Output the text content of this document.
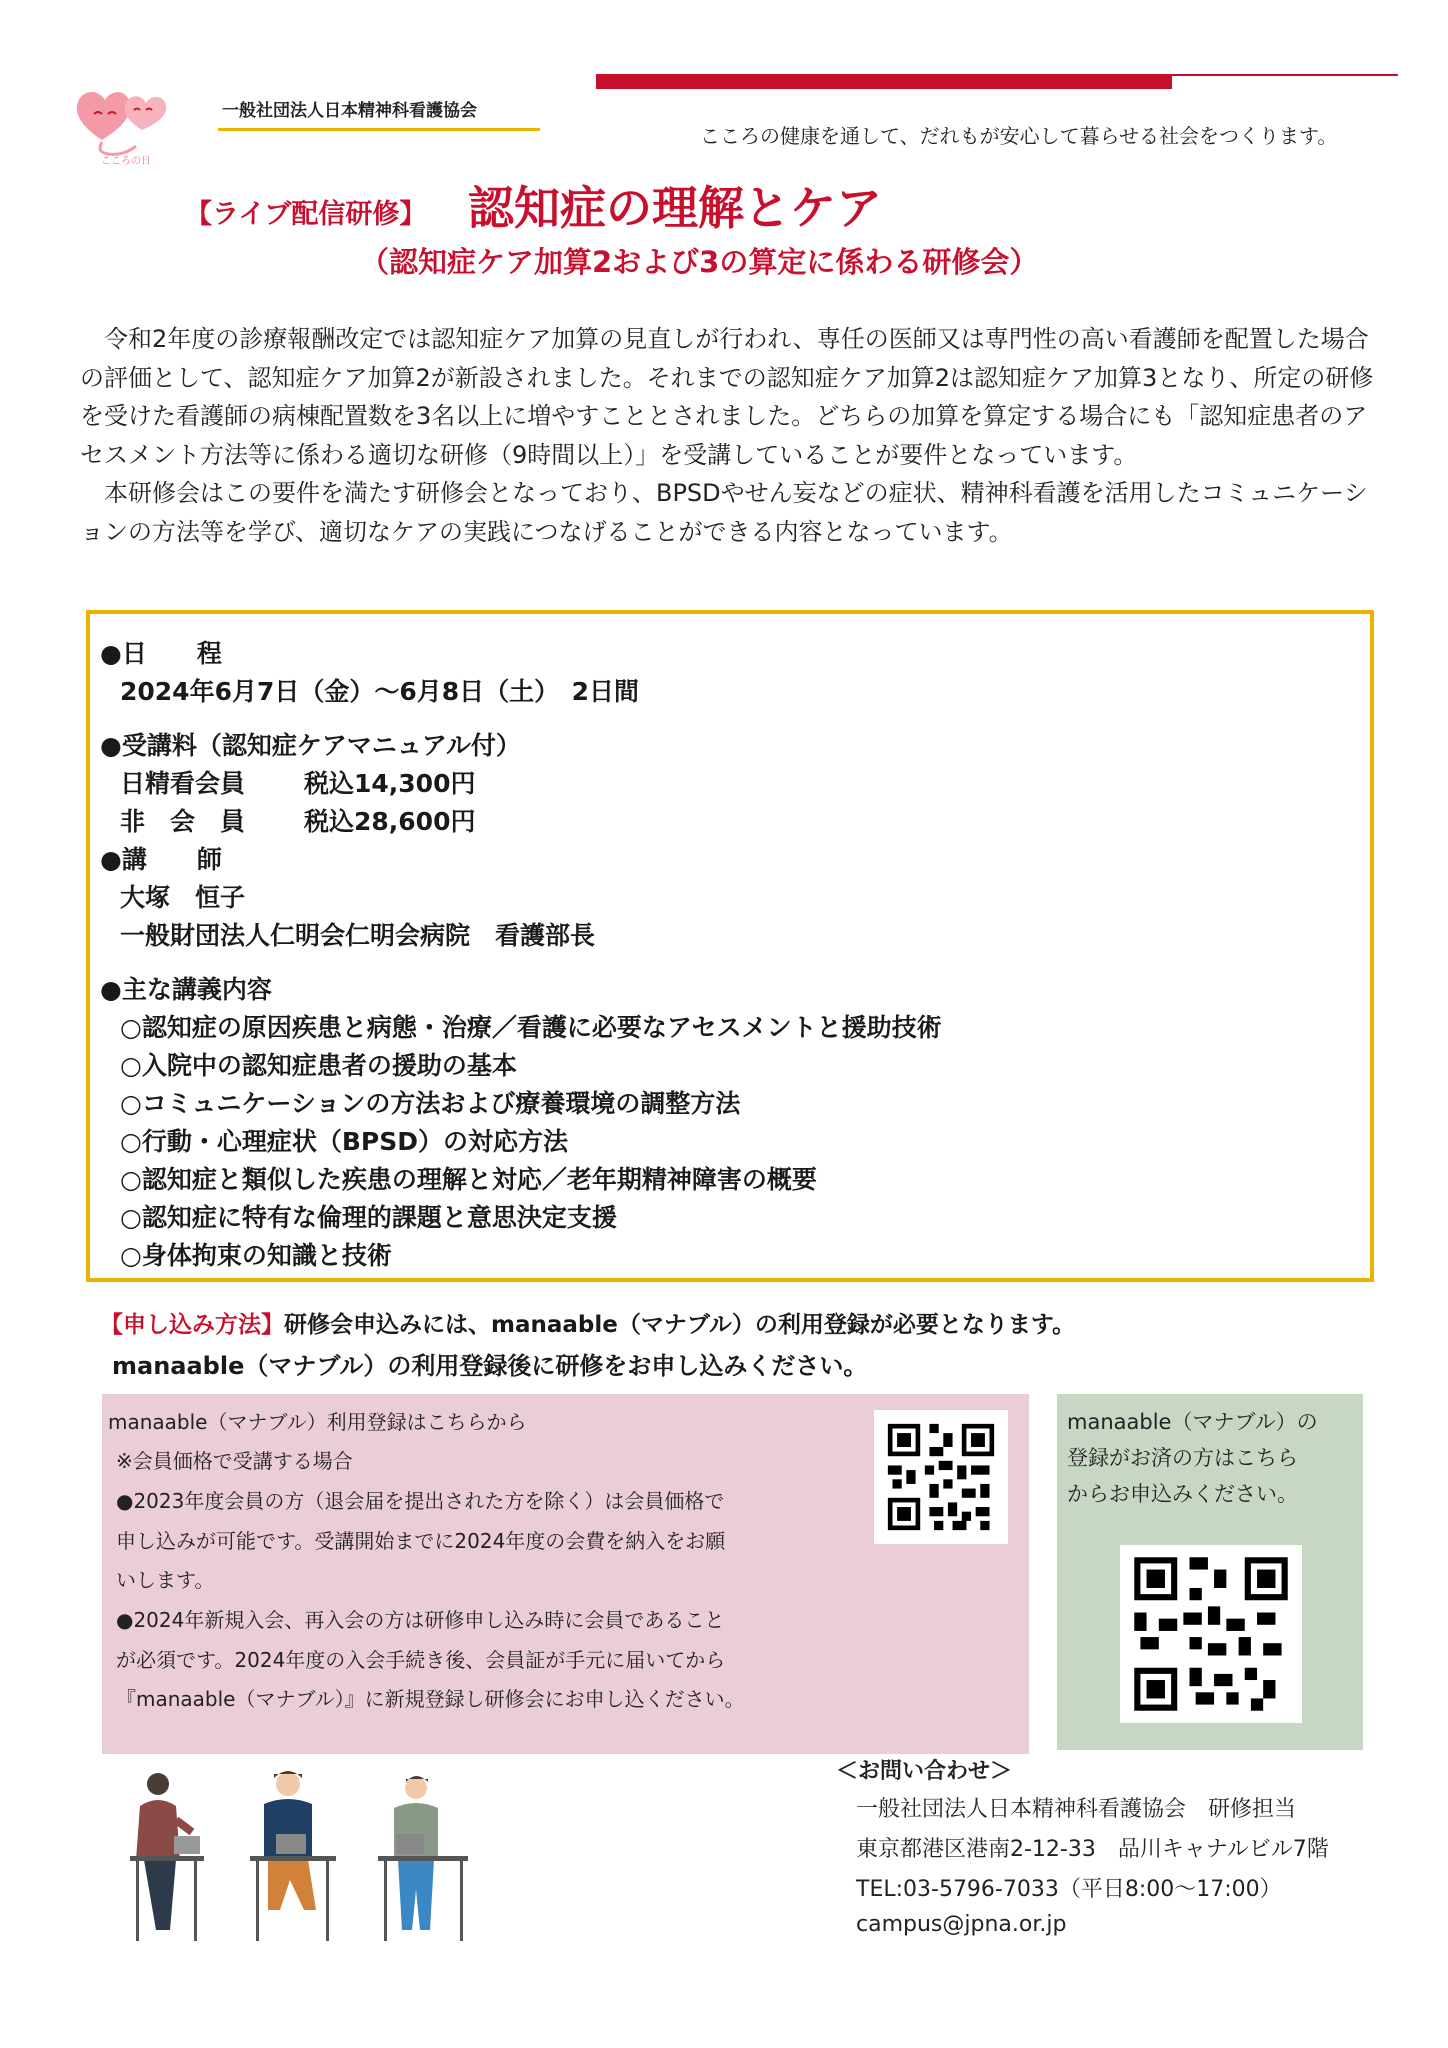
こころの日
一般社団法人日本精神科看護協会
こころの健康を通して、だれもが安心して暮らせる社会をつくります。
【ライブ配信研修】 認知症の理解とケア
（認知症ケア加算2および3の算定に係わる研修会）

令和2年度の診療報酬改定では認知症ケア加算の見直しが行われ、専任の医師又は専門性の高い看護師を配置した場合の評価として、認知症ケア加算2が新設されました。それまでの認知症ケア加算2は認知症ケア加算3となり、所定の研修を受けた看護師の病棟配置数を3名以上に増やすこととされました。どちらの加算を算定する場合にも「認知症患者のアセスメント方法等に係わる適切な研修（9時間以上）」を受講していることが要件となっています。

本研修会はこの要件を満たす研修会となっており、BPSDやせん妄などの症状、精神科看護を活用したコミュニケーションの方法等を学び、適切なケアの実践につなげることができる内容となっています。

●日　　程
2024年6月7日（金）～6月8日（土）　2日間
●受講料（認知症ケアマニュアル付）
日精看会員 税込14,300円
非　会　員 税込28,600円
●講　　師
大塚　恒子
一般財団法人仁明会仁明会病院　看護部長
●主な講義内容
○認知症の原因疾患と病態・治療／看護に必要なアセスメントと援助技術
○入院中の認知症患者の援助の基本
○コミュニケーションの方法および療養環境の調整方法
○行動・心理症状（BPSD）の対応方法
○認知症と類似した疾患の理解と対応／老年期精神障害の概要
○認知症に特有な倫理的課題と意思決定支援
○身体拘束の知識と技術
【申し込み方法】研修会申込みには、manaable（マナブル）の利用登録が必要となります。
manaable（マナブル）の利用登録後に研修をお申し込みください。
manaable（マナブル）利用登録はこちらから
※会員価格で受講する場合
●2023年度会員の方（退会届を提出された方を除く）は会員価格で
申し込みが可能です。受講開始までに2024年度の会費を納入をお願
いします。
●2024年新規入会、再入会の方は研修申し込み時に会員であること
が必須です。2024年度の入会手続き後、会員証が手元に届いてから
『manaable（マナブル）』に新規登録し研修会にお申し込ください。
manaable（マナブル）の
登録がお済の方はこちら
からお申込みください。
＜お問い合わせ＞
一般社団法人日本精神科看護協会　研修担当
東京都港区港南2-12-33　品川キャナルビル7階
TEL:03-5796-7033（平日8:00～17:00）
campus@jpna.or.jp
